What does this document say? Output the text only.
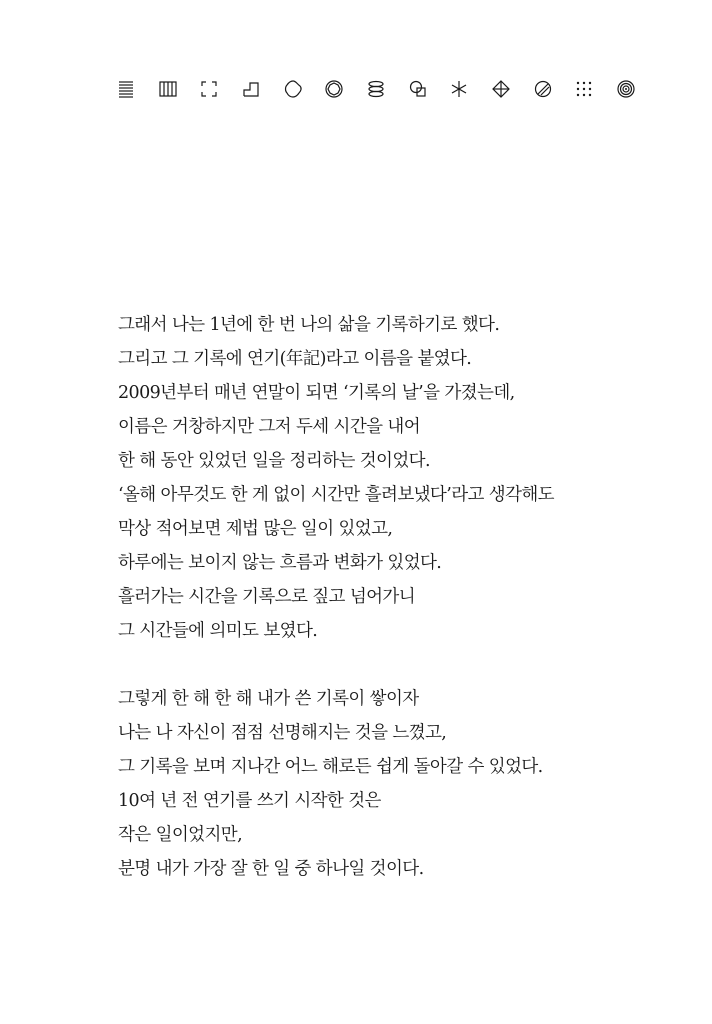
그래서 나는 1년에 한 번 나의 삶을 기록하기로 했다.
그리고 그 기록에 연기(年記)라고 이름을 붙였다.
2009년부터 매년 연말이 되면 ‘기록의 날’을 가졌는데,
이름은 거창하지만 그저 두세 시간을 내어
한 해 동안 있었던 일을 정리하는 것이었다.
‘올해 아무것도 한 게 없이 시간만 흘려보냈다’라고 생각해도
막상 적어보면 제법 많은 일이 있었고,
하루에는 보이지 않는 흐름과 변화가 있었다.
흘러가는 시간을 기록으로 짚고 넘어가니
그 시간들에 의미도 보였다.
그렇게 한 해 한 해 내가 쓴 기록이 쌓이자
나는 나 자신이 점점 선명해지는 것을 느꼈고,
그 기록을 보며 지나간 어느 해로든 쉽게 돌아갈 수 있었다.
10여 년 전 연기를 쓰기 시작한 것은
작은 일이었지만,
분명 내가 가장 잘 한 일 중 하나일 것이다.
